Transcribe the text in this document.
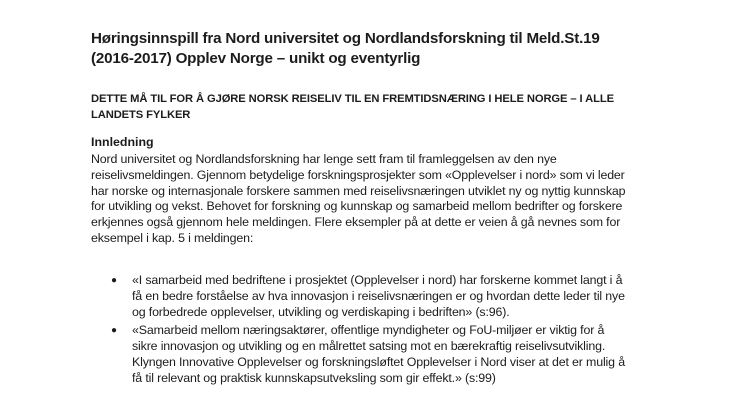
Høringsinnspill fra Nord universitet og Nordlandsforskning til Meld.St.19
(2016-2017) Opplev Norge – unikt og eventyrlig
DETTE MÅ TIL FOR Å GJØRE NORSK REISELIV TIL EN FREMTIDSNÆRING I HELE NORGE – I ALLE
LANDETS FYLKER
Innledning

Nord universitet og Nordlandsforskning har lenge sett fram til framleggelsen av den nye
reiselivsmeldingen. Gjennom betydelige forskningsprosjekter som «Opplevelser i nord» som vi leder
har norske og internasjonale forskere sammen med reiselivsnæringen utviklet ny og nyttig kunnskap
for utvikling og vekst. Behovet for forskning og kunnskap og samarbeid mellom bedrifter og forskere
erkjennes også gjennom hele meldingen. Flere eksempler på at dette er veien å gå nevnes som for
eksempel i kap. 5 i meldingen:

● «I samarbeid med bedriftene i prosjektet (Opplevelser i nord) har forskerne kommet langt i å
få en bedre forståelse av hva innovasjon i reiselivsnæringen er og hvordan dette leder til nye
og forbedrede opplevelser, utvikling og verdiskaping i bedriften» (s:96).
● «Samarbeid mellom næringsaktører, offentlige myndigheter og FoU-miljøer er viktig for å
sikre innovasjon og utvikling og en målrettet satsing mot en bærekraftig reiselivsutvikling.
Klyngen Innovative Opplevelser og forskningsløftet Opplevelser i Nord viser at det er mulig å
få til relevant og praktisk kunnskapsutveksling som gir effekt.» (s:99)
